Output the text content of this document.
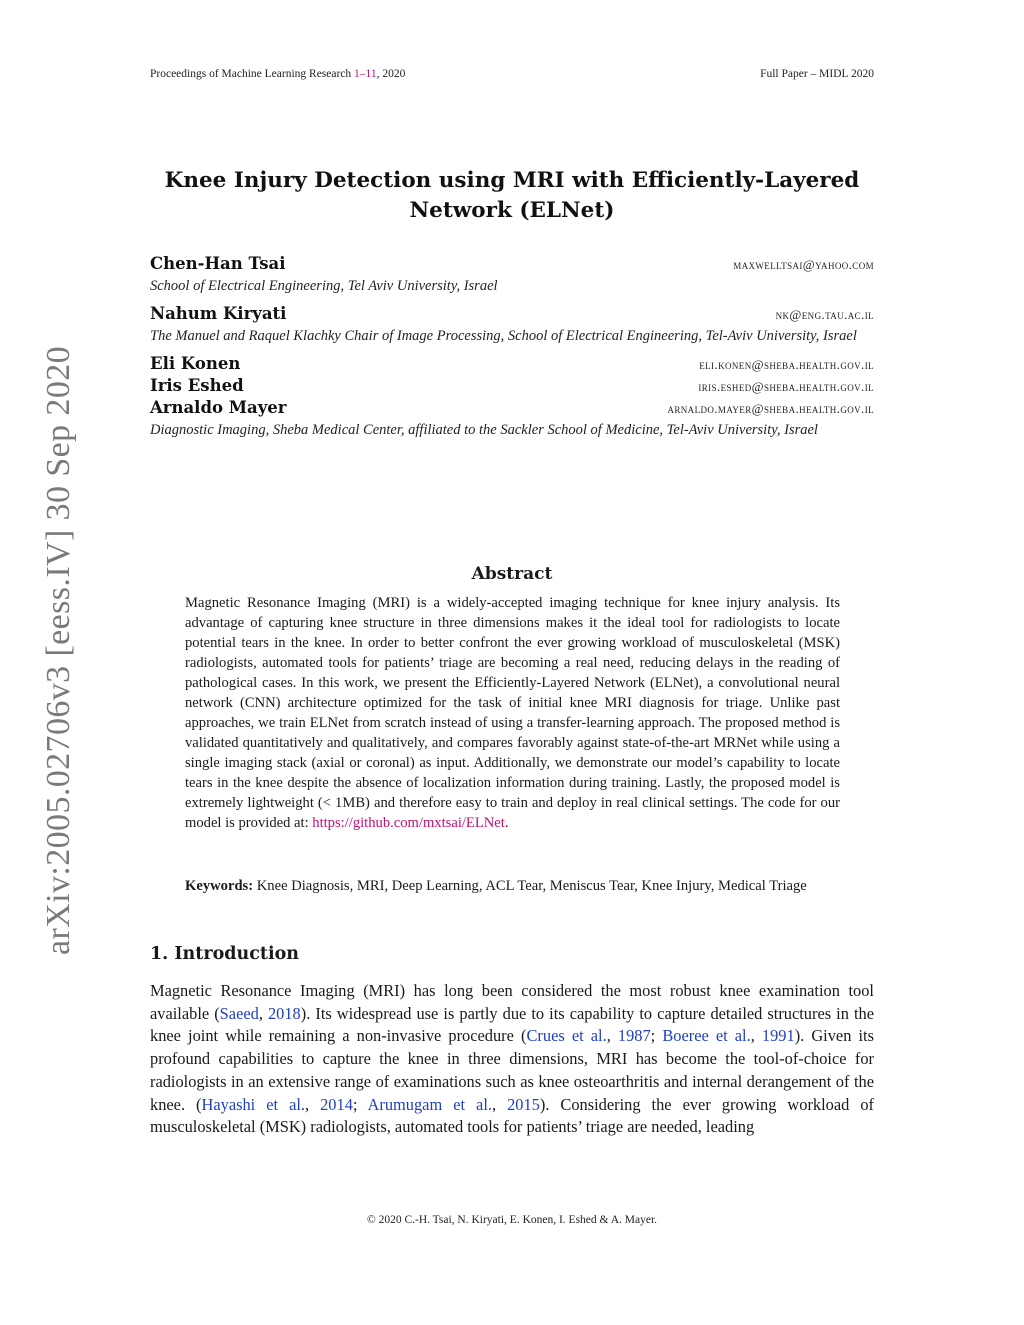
Proceedings of Machine Learning Research 1–11, 2020	Full Paper – MIDL 2020
arXiv:2005.02706v3 [eess.IV] 30 Sep 2020
Knee Injury Detection using MRI with Efficiently-Layered
Network (ELNet)
Chen-Han Tsai	maxwelltsai@yahoo.com
School of Electrical Engineering, Tel Aviv University, Israel
Nahum Kiryati	nk@eng.tau.ac.il
The Manuel and Raquel Klachky Chair of Image Processing, School of Electrical Engineering, Tel-Aviv University, Israel
Eli Konen	eli.konen@sheba.health.gov.il
Iris Eshed	iris.eshed@sheba.health.gov.il
Arnaldo Mayer	arnaldo.mayer@sheba.health.gov.il
Diagnostic Imaging, Sheba Medical Center, affiliated to the Sackler School of Medicine, Tel-Aviv University, Israel
Abstract
Magnetic Resonance Imaging (MRI) is a widely-accepted imaging technique for knee injury analysis. Its advantage of capturing knee structure in three dimensions makes it the ideal tool for radiologists to locate potential tears in the knee. In order to better confront the ever growing workload of musculoskeletal (MSK) radiologists, automated tools for patients’ triage are becoming a real need, reducing delays in the reading of pathological cases. In this work, we present the Efficiently-Layered Network (ELNet), a convolutional neural network (CNN) architecture optimized for the task of initial knee MRI diagnosis for triage. Unlike past approaches, we train ELNet from scratch instead of using a transfer-learning approach. The proposed method is validated quantitatively and qualitatively, and compares favorably against state-of-the-art MRNet while using a single imaging stack (axial or coronal) as input. Additionally, we demonstrate our model’s capability to locate tears in the knee despite the absence of localization information during training. Lastly, the proposed model is extremely lightweight (< 1MB) and therefore easy to train and deploy in real clinical settings. The code for our model is provided at: https://github.com/mxtsai/ELNet.
Keywords: Knee Diagnosis, MRI, Deep Learning, ACL Tear, Meniscus Tear, Knee Injury, Medical Triage
1. Introduction
Magnetic Resonance Imaging (MRI) has long been considered the most robust knee examination tool available (Saeed, 2018). Its widespread use is partly due to its capability to capture detailed structures in the knee joint while remaining a non-invasive procedure (Crues et al., 1987; Boeree et al., 1991). Given its profound capabilities to capture the knee in three dimensions, MRI has become the tool-of-choice for radiologists in an extensive range of examinations such as knee osteoarthritis and internal derangement of the knee. (Hayashi et al., 2014; Arumugam et al., 2015). Considering the ever growing workload of musculoskeletal (MSK) radiologists, automated tools for patients’ triage are needed, leading
© 2020 C.-H. Tsai, N. Kiryati, E. Konen, I. Eshed & A. Mayer.
